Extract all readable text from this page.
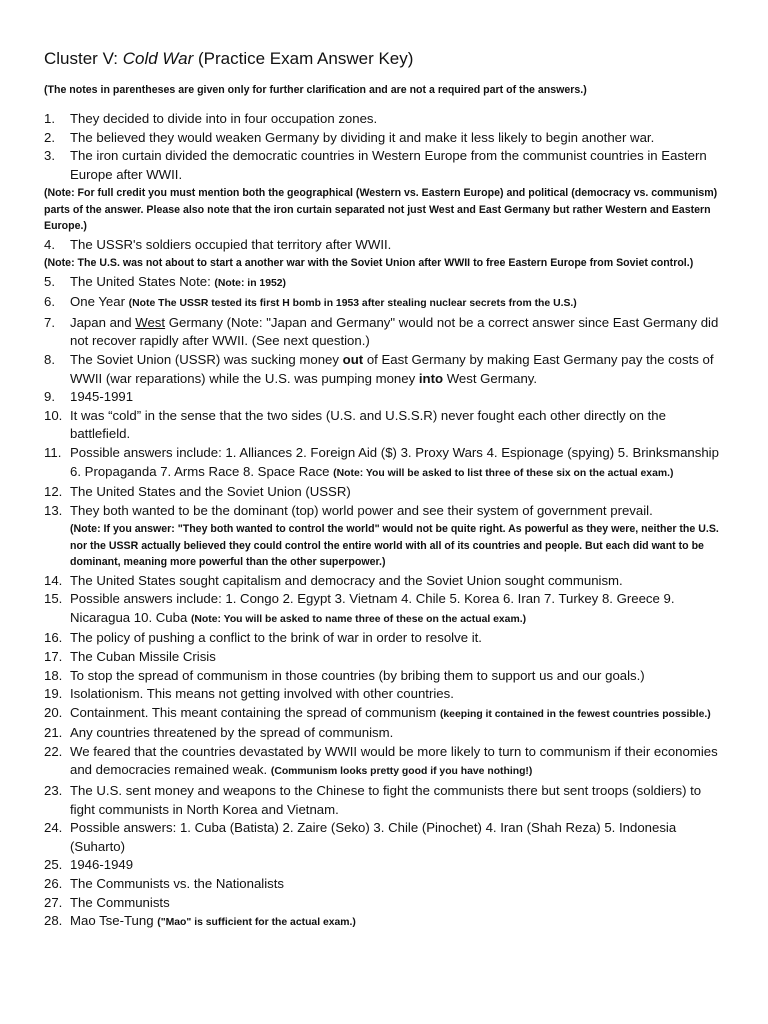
Cluster V: Cold War (Practice Exam Answer Key)
(The notes in parentheses are given only for further clarification and are not a required part of the answers.)
1. They decided to divide into in four occupation zones.
2. The believed they would weaken Germany by dividing it and make it less likely to begin another war.
3. The iron curtain divided the democratic countries in Western Europe from the communist countries in Eastern Europe after WWII.
(Note: For full credit you must mention both the geographical (Western vs. Eastern Europe) and political (democracy vs. communism) parts of the answer. Please also note that the iron curtain separated not just West and East Germany but rather Western and Eastern Europe.)
4. The USSR's soldiers occupied that territory after WWII.
(Note: The U.S. was not about to start a another war with the Soviet Union after WWII to free Eastern Europe from Soviet control.)
5. The United States Note: (Note: in 1952)
6. One Year (Note The USSR tested its first H bomb in 1953 after stealing nuclear secrets from the U.S.)
7. Japan and West Germany (Note: "Japan and Germany" would not be a correct answer since East Germany did not recover rapidly after WWII. (See next question.)
8. The Soviet Union (USSR) was sucking money out of East Germany by making East Germany pay the costs of WWII (war reparations) while the U.S. was pumping money into West Germany.
9. 1945-1991
10. It was “cold” in the sense that the two sides (U.S. and U.S.S.R) never fought each other directly on the battlefield.
11. Possible answers include: 1. Alliances 2. Foreign Aid ($) 3. Proxy Wars 4. Espionage (spying) 5. Brinksmanship 6. Propaganda 7. Arms Race 8. Space Race (Note: You will be asked to list three of these six on the actual exam.)
12. The United States and the Soviet Union (USSR)
13. They both wanted to be the dominant (top) world power and see their system of government prevail.
(Note: If you answer: "They both wanted to control the world" would not be quite right. As powerful as they were, neither the U.S. nor the USSR actually believed they could control the entire world with all of its countries and people. But each did want to be dominant, meaning more powerful than the other superpower.)
14. The United States sought capitalism and democracy and the Soviet Union sought communism.
15. Possible answers include: 1. Congo 2. Egypt 3. Vietnam 4. Chile 5. Korea 6. Iran 7. Turkey 8. Greece 9. Nicaragua 10. Cuba (Note: You will be asked to name three of these on the actual exam.)
16. The policy of pushing a conflict to the brink of war in order to resolve it.
17. The Cuban Missile Crisis
18. To stop the spread of communism in those countries (by bribing them to support us and our goals.)
19. Isolationism. This means not getting involved with other countries.
20. Containment. This meant containing the spread of communism (keeping it contained in the fewest countries possible.)
21. Any countries threatened by the spread of communism.
22. We feared that the countries devastated by WWII would be more likely to turn to communism if their economies and democracies remained weak. (Communism looks pretty good if you have nothing!)
23. The U.S. sent money and weapons to the Chinese to fight the communists there but sent troops (soldiers) to fight communists in North Korea and Vietnam.
24. Possible answers: 1. Cuba (Batista) 2. Zaire (Seko) 3. Chile (Pinochet) 4. Iran (Shah Reza) 5. Indonesia (Suharto)
25. 1946-1949
26. The Communists vs. the Nationalists
27. The Communists
28. Mao Tse-Tung ("Mao" is sufficient for the actual exam.)
